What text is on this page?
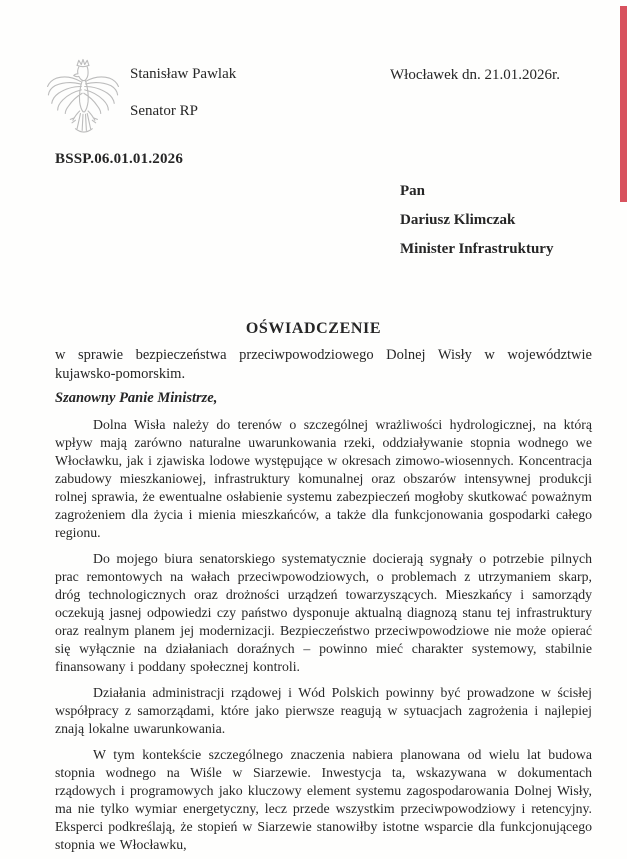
Stanisław Pawlak
Senator RP
Włocławek dn. 21.01.2026r.
BSSP.06.01.01.2026
Pan
Dariusz Klimczak
Minister Infrastruktury
OŚWIADCZENIE
w sprawie bezpieczeństwa przeciwpowodziowego Dolnej Wisły w województwie kujawsko-pomorskim.
Szanowny Panie Ministrze,

Dolna Wisła należy do terenów o szczególnej wrażliwości hydrologicznej, na którą wpływ mają zarówno naturalne uwarunkowania rzeki, oddziaływanie stopnia wodnego we Włocławku, jak i zjawiska lodowe występujące w okresach zimowo-wiosennych. Koncentracja zabudowy mieszkaniowej, infrastruktury komunalnej oraz obszarów intensywnej produkcji rolnej sprawia, że ewentualne osłabienie systemu zabezpieczeń mogłoby skutkować poważnym zagrożeniem dla życia i mienia mieszkańców, a także dla funkcjonowania gospodarki całego regionu.

Do mojego biura senatorskiego systematycznie docierają sygnały o potrzebie pilnych prac remontowych na wałach przeciwpowodziowych, o problemach z utrzymaniem skarp, dróg technologicznych oraz drożności urządzeń towarzyszących. Mieszkańcy i samorządy oczekują jasnej odpowiedzi czy państwo dysponuje aktualną diagnozą stanu tej infrastruktury oraz realnym planem jej modernizacji. Bezpieczeństwo przeciwpowodziowe nie może opierać się wyłącznie na działaniach doraźnych – powinno mieć charakter systemowy, stabilnie finansowany i poddany społecznej kontroli.

Działania administracji rządowej i Wód Polskich powinny być prowadzone w ścisłej współpracy z samorządami, które jako pierwsze reagują w sytuacjach zagrożenia i najlepiej znają lokalne uwarunkowania.

W tym kontekście szczególnego znaczenia nabiera planowana od wielu lat budowa stopnia wodnego na Wiśle w Siarzewie. Inwestycja ta, wskazywana w dokumentach rządowych i programowych jako kluczowy element systemu zagospodarowania Dolnej Wisły, ma nie tylko wymiar energetyczny, lecz przede wszystkim przeciwpowodziowy i retencyjny. Eksperci podkreślają, że stopień w Siarzewie stanowiłby istotne wsparcie dla funkcjonującego stopnia we Włocławku,
